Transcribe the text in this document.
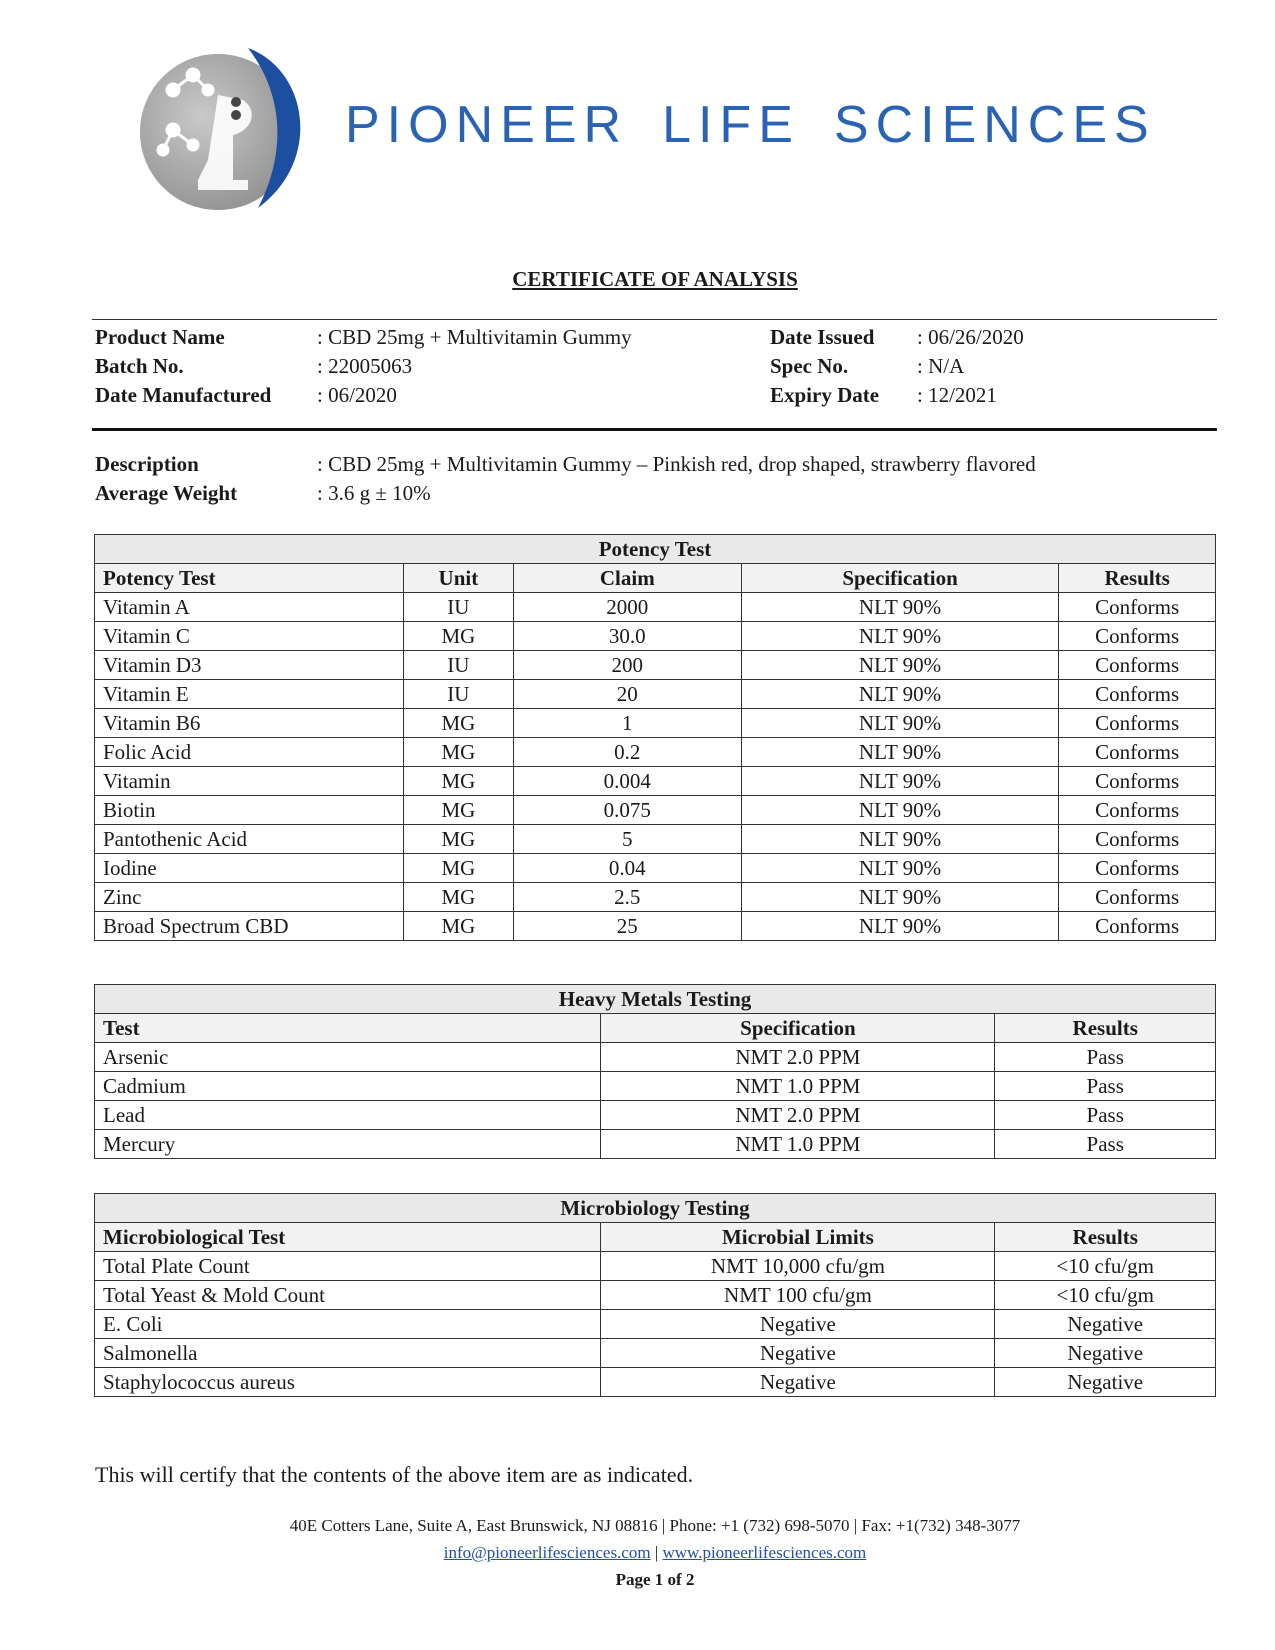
PIONEER LIFE SCIENCES
CERTIFICATE OF ANALYSIS
Product Name	: CBD 25mg + Multivitamin Gummy
Batch No.	: 22005063
Date Manufactured : 06/2020
Date Issued : 06/26/2020
Spec No.	: N/A
Expiry Date : 12/2021
Description	: CBD 25mg + Multivitamin Gummy – Pinkish red, drop shaped, strawberry flavored
Average Weight	: 3.6 g ± 10%
Potency Test				
Potency Test	Unit	Claim	Specification	Results
Vitamin A	IU	2000	NLT 90%	Conforms
Vitamin C	MG	30.0	NLT 90%	Conforms
Vitamin D3	IU	200	NLT 90%	Conforms
Vitamin E	IU	20	NLT 90%	Conforms
Vitamin B6	MG	1	NLT 90%	Conforms
Folic Acid	MG	0.2	NLT 90%	Conforms
Vitamin	MG	0.004	NLT 90%	Conforms
Biotin	MG	0.075	NLT 90%	Conforms
Pantothenic Acid	MG	5	NLT 90%	Conforms
Iodine	MG	0.04	NLT 90%	Conforms
Zinc	MG	2.5	NLT 90%	Conforms
Broad Spectrum CBD	MG	25	NLT 90%	Conforms
Heavy Metals Testing		
Test	Specification	Results
Arsenic	NMT 2.0 PPM	Pass
Cadmium	NMT 1.0 PPM	Pass
Lead	NMT 2.0 PPM	Pass
Mercury	NMT 1.0 PPM	Pass
Microbiology Testing		
Microbiological Test	Microbial Limits	Results
Total Plate Count	NMT 10,000 cfu/gm	<10 cfu/gm
Total Yeast & Mold Count	NMT 100 cfu/gm	<10 cfu/gm
E. Coli	Negative	Negative
Salmonella	Negative	Negative
Staphylococcus aureus	Negative	Negative
This will certify that the contents of the above item are as indicated.
40E Cotters Lane, Suite A, East Brunswick, NJ 08816 | Phone: +1 (732) 698-5070 | Fax: +1(732) 348-3077
info@pioneerlifesciences.com | www.pioneerlifesciences.com
Page 1 of 2
